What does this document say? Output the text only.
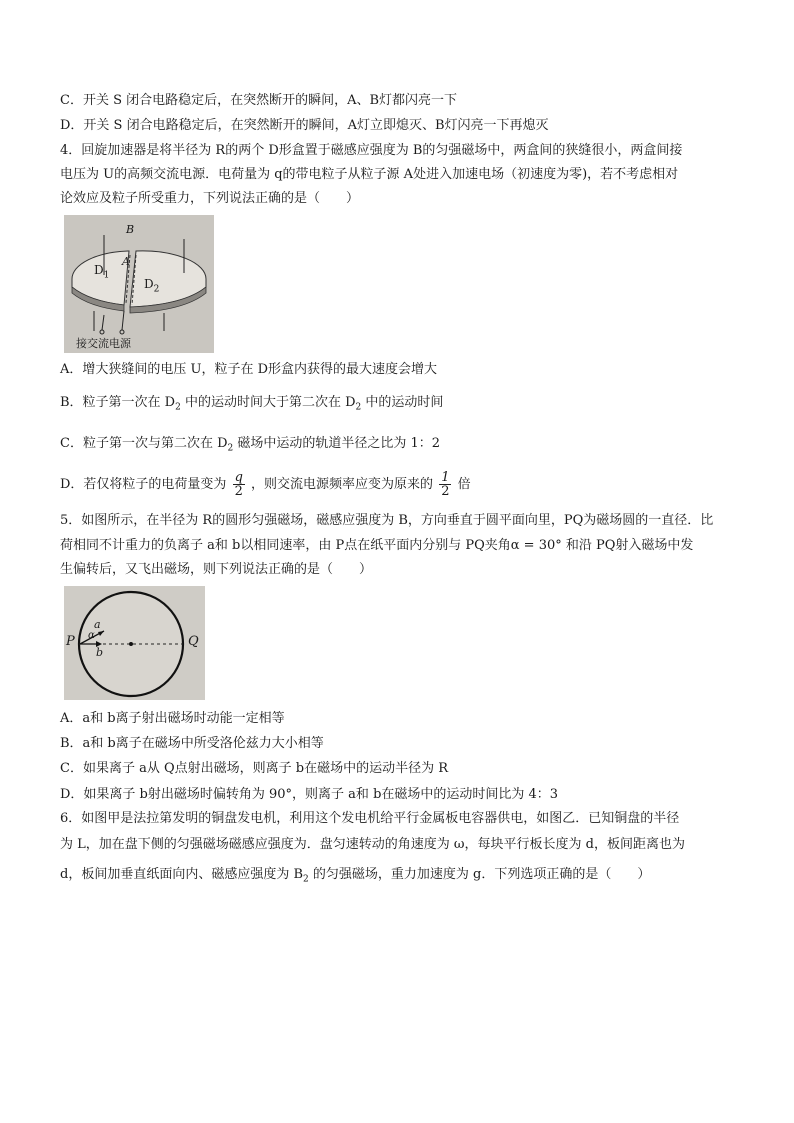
C．开关 S 闭合电路稳定后，在突然断开的瞬间，A、B灯都闪亮一下
D．开关 S 闭合电路稳定后，在突然断开的瞬间，A灯立即熄灭、B灯闪亮一下再熄灭
4．回旋加速器是将半径为 R的两个 D形盒置于磁感应强度为 B的匀强磁场中，两盒间的狭缝很小，两盒间接
电压为 U的高频交流电源．电荷量为 q的带电粒子从粒子源 A处进入加速电场（初速度为零)，若不考虑相对
论效应及粒子所受重力，下列说法正确的是（　　）
B
A
$D_1$
$D_2$
接交流电源
A．增大狭缝间的电压 U，粒子在 D形盒内获得的最大速度会增大
B．粒子第一次在 $D_2$ 中的运动时间大于第二次在 $D_2$ 中的运动时间
C．粒子第一次与第二次在 $D_2$ 磁场中运动的轨道半径之比为 1：2
D．若仅将粒子的电荷量变为 $\frac{q}{2}$ ，则交流电源频率应变为原来的 $\frac{1}{2}$ 倍
5．如图所示，在半径为 R的圆形匀强磁场，磁感应强度为 B，方向垂直于圆平面向里，PQ为磁场圆的一直径．比
荷相同不计重力的负离子 a和 b以相同速率，由 P点在纸平面内分别与 PQ夹角α = 30° 和沿 PQ射入磁场中发
生偏转后，又飞出磁场，则下列说法正确的是（　　）
P	Q
a
α
b
A．a和 b离子射出磁场时动能一定相等
B．a和 b离子在磁场中所受洛伦兹力大小相等
C．如果离子 a从 Q点射出磁场，则离子 b在磁场中的运动半径为 R
D．如果离子 b射出磁场时偏转角为 90°，则离子 a和 b在磁场中的运动时间比为 4：3
6．如图甲是法拉第发明的铜盘发电机，利用这个发电机给平行金属板电容器供电，如图乙．已知铜盘的半径
为 L，加在盘下侧的匀强磁场磁感应强度为．盘匀速转动的角速度为 ω，每块平行板长度为 d，板间距离也为
d，板间加垂直纸面向内、磁感应强度为 $B_2$ 的匀强磁场，重力加速度为 g．下列选项正确的是（　　）
